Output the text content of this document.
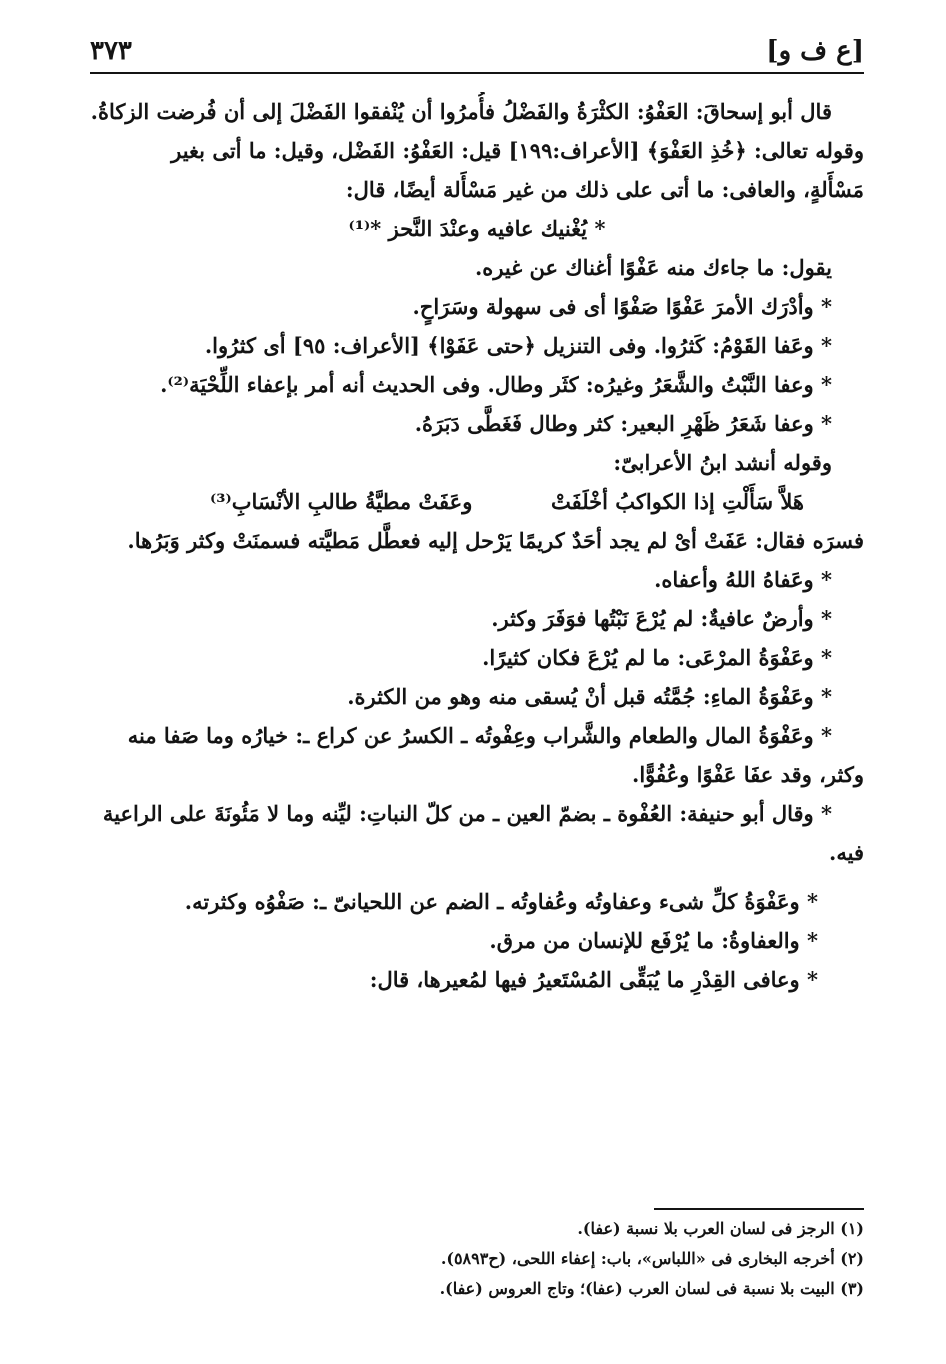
[ع ف و]
٣٧٣
قال أبو إسحاقَ: العَفْوُ: الكثْرَةُ والفَضْلُ فأُمرُوا أن يُنْفقوا الفَضْلَ إلى أن فُرضت الزكاةُ.
وقوله تعالى: ﴿خُذِ العَفْوَ﴾ [الأعراف:١٩٩] قيل: العَفْوُ: الفَضْل، وقيل: ما أتى بغير
مَسْأَلةٍ، والعافى: ما أتى على ذلك من غير مَسْأَلة أيضًا، قال:
* يُغْنيك عافيه وعنْدَ النَّحز *⁽¹⁾
يقول: ما جاءك منه عَفْوًا أغناك عن غيره.
* وأدْرَك الأمرَ عَفْوًا صَفْوًا أى فى سهولة وسَرَاحٍ.
* وعَفا القَوْمُ: كَثرُوا. وفى التنزيل ﴿حتى عَفَوْا﴾ [الأعراف: ٩٥] أى كثرُوا.
* وعفا النَّبْتُ والشَّعَرُ وغيرُه: كثَر وطال. وفى الحديث أنه أمر بإعفاء اللِّحْيَة⁽²⁾.
* وعفا شَعَرُ ظَهْرِ البعير: كثر وطال فَغَطَّى دَبَرَهُ.
وقوله أنشد ابنُ الأعرابىّ:
هَلاَّ سَأَلْتِ إذا الكواكبُ أخْلَفَتْ
وعَفَتْ مطيَّةُ طالبِ الأنْسَابِ⁽³⁾
فسرَه فقال: عَفَتْ أىْ لم يجد أحَدٌ كريمًا يَرْحل إليه فعطَّل مَطيَّته فسمنَتْ وكثر وَبَرُها.
* وعَفاهُ اللهُ وأعفاه.
* وأرضٌ عافيةٌ: لم يُرْعَ نَبْتُها فوَفَرَ وكثر.
* وعَفْوَةُ المرْعَى: ما لم يُرْعَ فكان كثيرًا.
* وعَفْوَةُ الماءِ: جُمَّتُه قبل أنْ يُسقى منه وهو من الكثرة.
* وعَفْوَةُ المال والطعام والشَّراب وعِفْوتُه ـ الكسرُ عن كراع ـ: خيارُه وما صَفا منه
وكثر، وقد عفَا عَفْوًا وعُفُوًّا.
* وقال أبو حنيفة: العُفْوة ـ بضمّ العين ـ من كلّ النباتِ: ليِّنه وما لا مَئُونَةَ على الراعية
فيه.
* وعَفْوَةُ كلِّ شىء وعفاوتُه وعُفاوتُه ـ الضم عن اللحيانىّ ـ: صَفْوُه وكثرته.
* والعفاوةُ: ما يُرْفَع للإنسان من مرق.
* وعافى القِدْرِ ما يُبَقِّى المُسْتَعيرُ فيها لمُعيرها، قال:
(١) الرجز فى لسان العرب بلا نسبة (عفا).
(٢) أخرجه البخارى فى «اللباس»، باب: إعفاء اللحى، (ح٥٨٩٣).
(٣) البيت بلا نسبة فى لسان العرب (عفا)؛ وتاج العروس (عفا).
